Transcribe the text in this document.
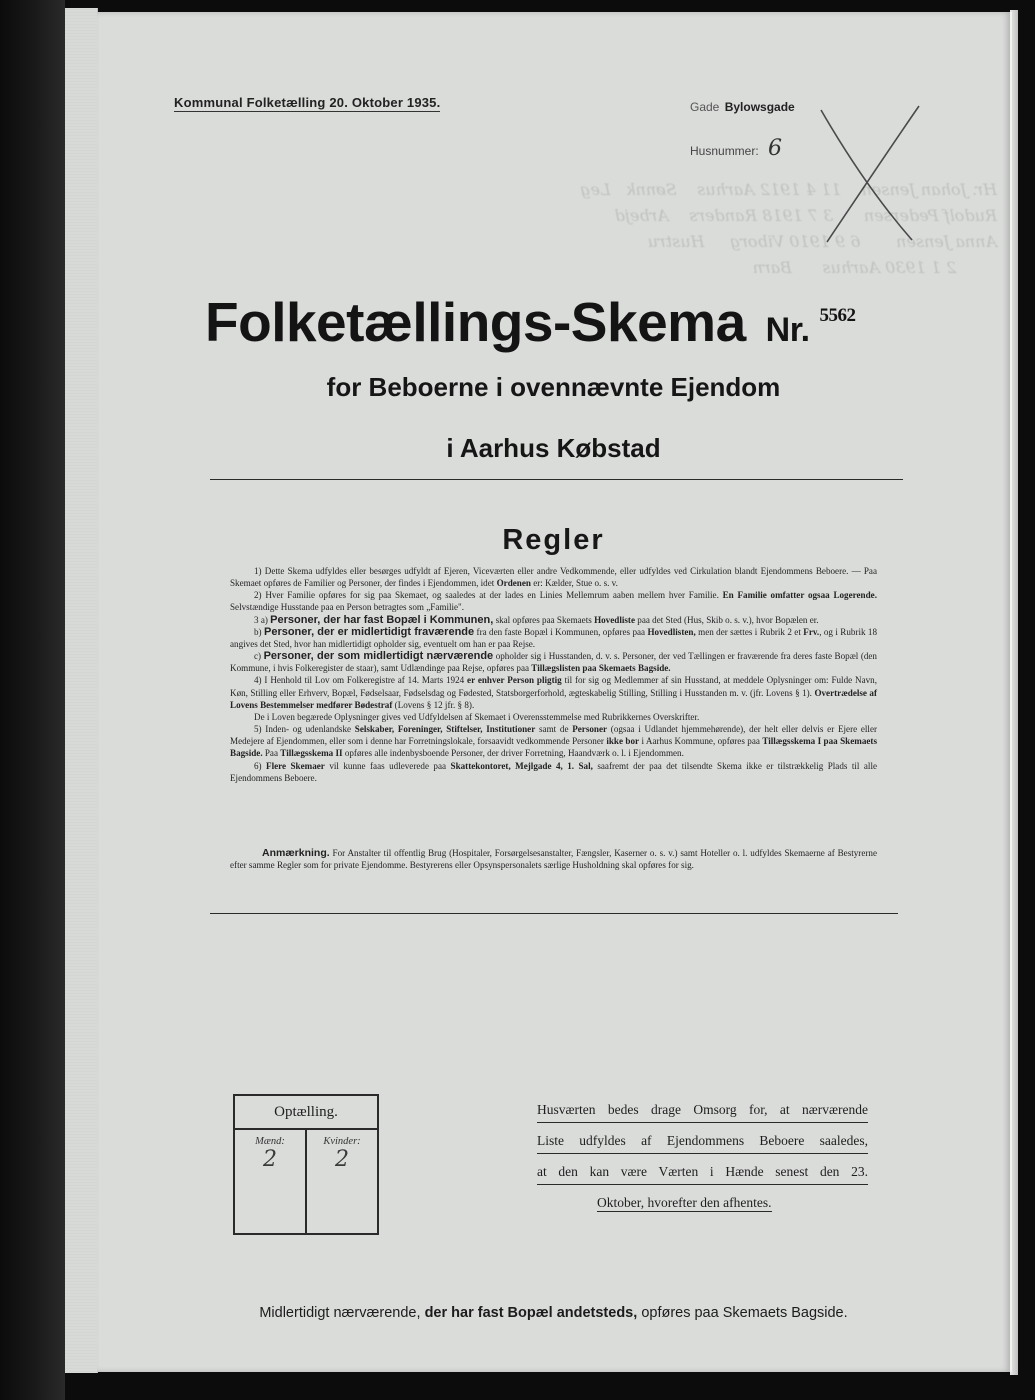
Kommunal Folketælling 20. Oktober 1935.	Gade Bylowsgade
Husnummer: 6
Hr. Johan Jensen    11 4 1912 Aarhus    Sønnk   Leg
Rudolf Pedersen      3 7 1918 Randers    Arbejd
Anna Jensen       6 9 1910 Viborg     Hustru
2 1 1930 Aarhus      Barn
Folketællings-Skema Nr. $^{5562}$
for Beboerne i ovennævnte Ejendom
i Aarhus Købstad
Regler

1) Dette Skema udfyldes eller besørges udfyldt af Ejeren, Viceværten eller andre Vedkommende, eller udfyldes ved Cirkulation blandt Ejendommens Beboere. — Paa Skemaet opføres de Familier og Personer, der findes i Ejendommen, idet Ordenen er: Kælder, Stue o. s. v.

2) Hver Familie opføres for sig paa Skemaet, og saaledes at der lades en Linies Mellemrum aaben mellem hver Familie. En Familie omfatter ogsaa Logerende. Selvstændige Husstande paa en Person betragtes som „Familie".

3 a) Personer, der har fast Bopæl i Kommunen, skal opføres paa Skemaets Hovedliste paa det Sted (Hus, Skib o. s. v.), hvor Bopælen er.

b) Personer, der er midlertidigt fraværende fra den faste Bopæl i Kommunen, opføres paa Hovedlisten, men der sættes i Rubrik 2 et Frv., og i Rubrik 18 angives det Sted, hvor han midlertidigt opholder sig, eventuelt om han er paa Rejse.

c) Personer, der som midlertidigt nærværende opholder sig i Husstanden, d. v. s. Personer, der ved Tællingen er fraværende fra deres faste Bopæl (den Kommune, i hvis Folkeregister de staar), samt Udlændinge paa Rejse, opføres paa Tillægslisten paa Skemaets Bagside.

4) I Henhold til Lov om Folkeregistre af 14. Marts 1924 er enhver Person pligtig til for sig og Medlemmer af sin Husstand, at meddele Oplysninger om: Fulde Navn, Køn, Stilling eller Erhverv, Bopæl, Fødselsaar, Fødselsdag og Fødested, Statsborgerforhold, ægteskabelig Stilling, Stilling i Husstanden m. v. (jfr. Lovens § 1). Overtrædelse af Lovens Bestemmelser medfører Bødestraf (Lovens § 12 jfr. § 8).

De i Loven begærede Oplysninger gives ved Udfyldelsen af Skemaet i Overensstemmelse med Rubrikkernes Overskrifter.

5) Inden- og udenlandske Selskaber, Foreninger, Stiftelser, Institutioner samt de Personer (ogsaa i Udlandet hjemmehørende), der helt eller delvis er Ejere eller Medejere af Ejendommen, eller som i denne har Forretningslokale, forsaavidt vedkommende Personer ikke bor i Aarhus Kommune, opføres paa Tillægsskema I paa Skemaets Bagside. Paa Tillægsskema II opføres alle indenbysboende Personer, der driver Forretning, Haandværk o. l. i Ejendommen.

6) Flere Skemaer vil kunne faas udleverede paa Skattekontoret, Mejlgade 4, 1. Sal, saafremt der paa det tilsendte Skema ikke er tilstrækkelig Plads til alle Ejendommens Beboere.

Anmærkning. For Anstalter til offentlig Brug (Hospitaler, Forsørgelsesanstalter, Fængsler, Kaserner o. s. v.) samt Hoteller o. l. udfyldes Skemaerne af Bestyrerne efter samme Regler som for private Ejendomme. Bestyrerens eller Opsynspersonalets særlige Husholdning skal opføres for sig.

Optælling.
Mænd:
2
Kvinder:
2
Husværten bedes drage Omsorg for, at nærværende
Liste udfyldes af Ejendommens Beboere saaledes,
at den kan være Værten i Hænde senest den 23.
Oktober, hvorefter den afhentes.
Midlertidigt nærværende, der har fast Bopæl andetsteds, opføres paa Skemaets Bagside.
